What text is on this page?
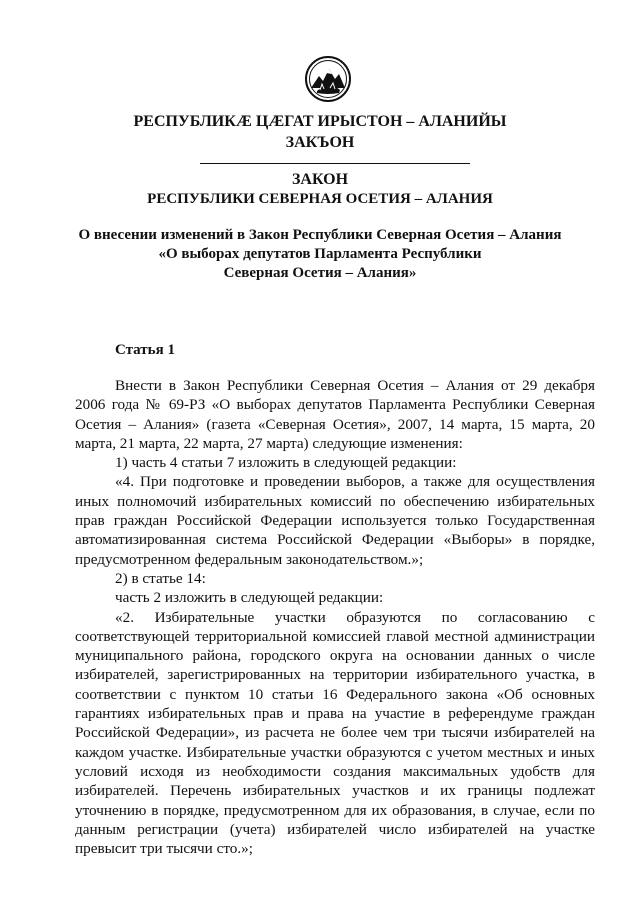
РЕСПУБЛИКӔ ЦӔГАТ ИРЫСТОН – АЛАНИЙЫ
ЗАКЪОН
ЗАКОН
РЕСПУБЛИКИ СЕВЕРНАЯ ОСЕТИЯ – АЛАНИЯ
О внесении изменений в Закон Республики Северная Осетия – Алания
«О выборах депутатов Парламента Республики
Северная Осетия – Алания»
Статья 1

Внести в Закон Республики Северная Осетия – Алания от 29 декабря 2006 года № 69-РЗ «О выборах депутатов Парламента Республики Северная Осетия – Алания» (газета «Северная Осетия», 2007, 14 марта, 15 марта, 20 марта, 21 марта, 22 марта, 27 марта) следующие изменения:

1) часть 4 статьи 7 изложить в следующей редакции:

«4. При подготовке и проведении выборов, а также для осуществления иных полномочий избирательных комиссий по обеспечению избирательных прав граждан Российской Федерации используется только Государственная автоматизированная система Российской Федерации «Выборы» в порядке, предусмотренном федеральным законодательством.»;

2) в статье 14:

часть 2 изложить в следующей редакции:

«2. Избирательные участки образуются по согласованию с соответствующей территориальной комиссией главой местной администрации муниципального района, городского округа на основании данных о числе избирателей, зарегистрированных на территории избирательного участка, в соответствии с пунктом 10 статьи 16 Федерального закона «Об основных гарантиях избирательных прав и права на участие в референдуме граждан Российской Федерации», из расчета не более чем три тысячи избирателей на каждом участке. Избирательные участки образуются с учетом местных и иных условий исходя из необходимости создания максимальных удобств для избирателей. Перечень избирательных участков и их границы подлежат уточнению в порядке, предусмотренном для их образования, в случае, если по данным регистрации (учета) избирателей число избирателей на участке превысит три тысячи сто.»;
